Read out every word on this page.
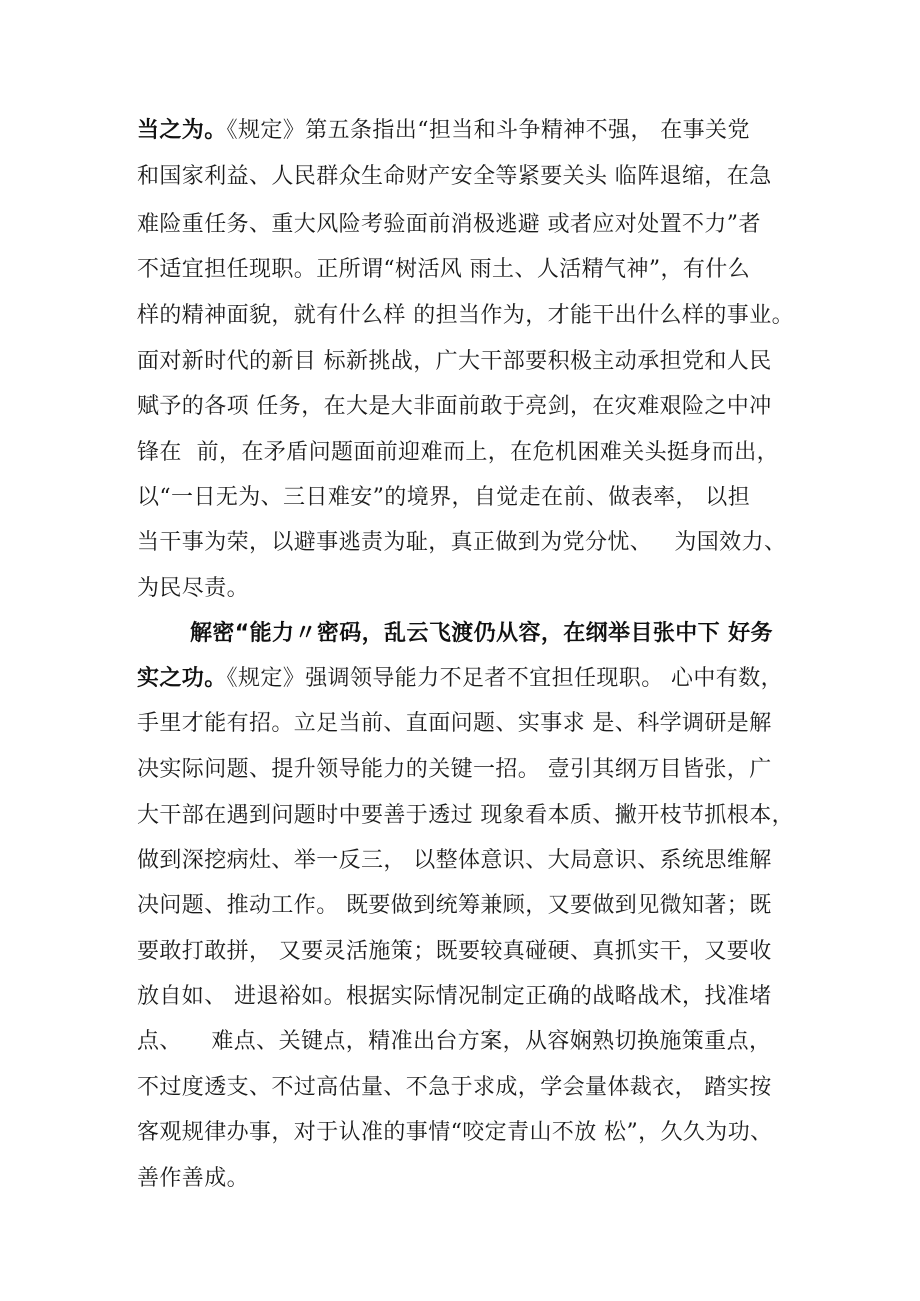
当之为。《规定》第五条指出“担当和斗争精神不强， 在事关党
和国家利益、人民群众生命财产安全等紧要关头 临阵退缩，在急
难险重任务、重大风险考验面前消极逃避 或者应对处置不力”者
不适宜担任现职。正所谓“树活风 雨土、人活精气神”，有什么
样的精神面貌，就有什么样 的担当作为，才能干出什么样的事业。
面对新时代的新目 标新挑战，广大干部要积极主动承担党和人民
赋予的各项 任务，在大是大非面前敢于亮剑，在灾难艰险之中冲
锋在  前，在矛盾问题面前迎难而上，在危机困难关头挺身而出，
以“一日无为、三日难安”的境界，自觉走在前、做表率， 以担
当干事为荣，以避事逃责为耻，真正做到为党分忧、   为国效力、
为民尽责。
解密“能力〃密码，乱云飞渡仍从容，在纲举目张中下 好务
实之功。《规定》强调领导能力不足者不宜担任现职。 心中有数，
手里才能有招。立足当前、直面问题、实事求 是、科学调研是解
决实际问题、提升领导能力的关键一招。 壹引其纲万目皆张，广
大干部在遇到问题时中要善于透过 现象看本质、撇开枝节抓根本，
做到深挖病灶、举一反三， 以整体意识、大局意识、系统思维解
决问题、推动工作。 既要做到统筹兼顾，又要做到见微知著；既
要敢打敢拼， 又要灵活施策；既要较真碰硬、真抓实干，又要收
放自如、 进退裕如。根据实际情况制定正确的战略战术，找准堵
点、    难点、关键点，精准出台方案，从容娴熟切换施策重点，
不过度透支、不过高估量、不急于求成，学会量体裁衣， 踏实按
客观规律办事，对于认准的事情“咬定青山不放 松”，久久为功、
善作善成。
